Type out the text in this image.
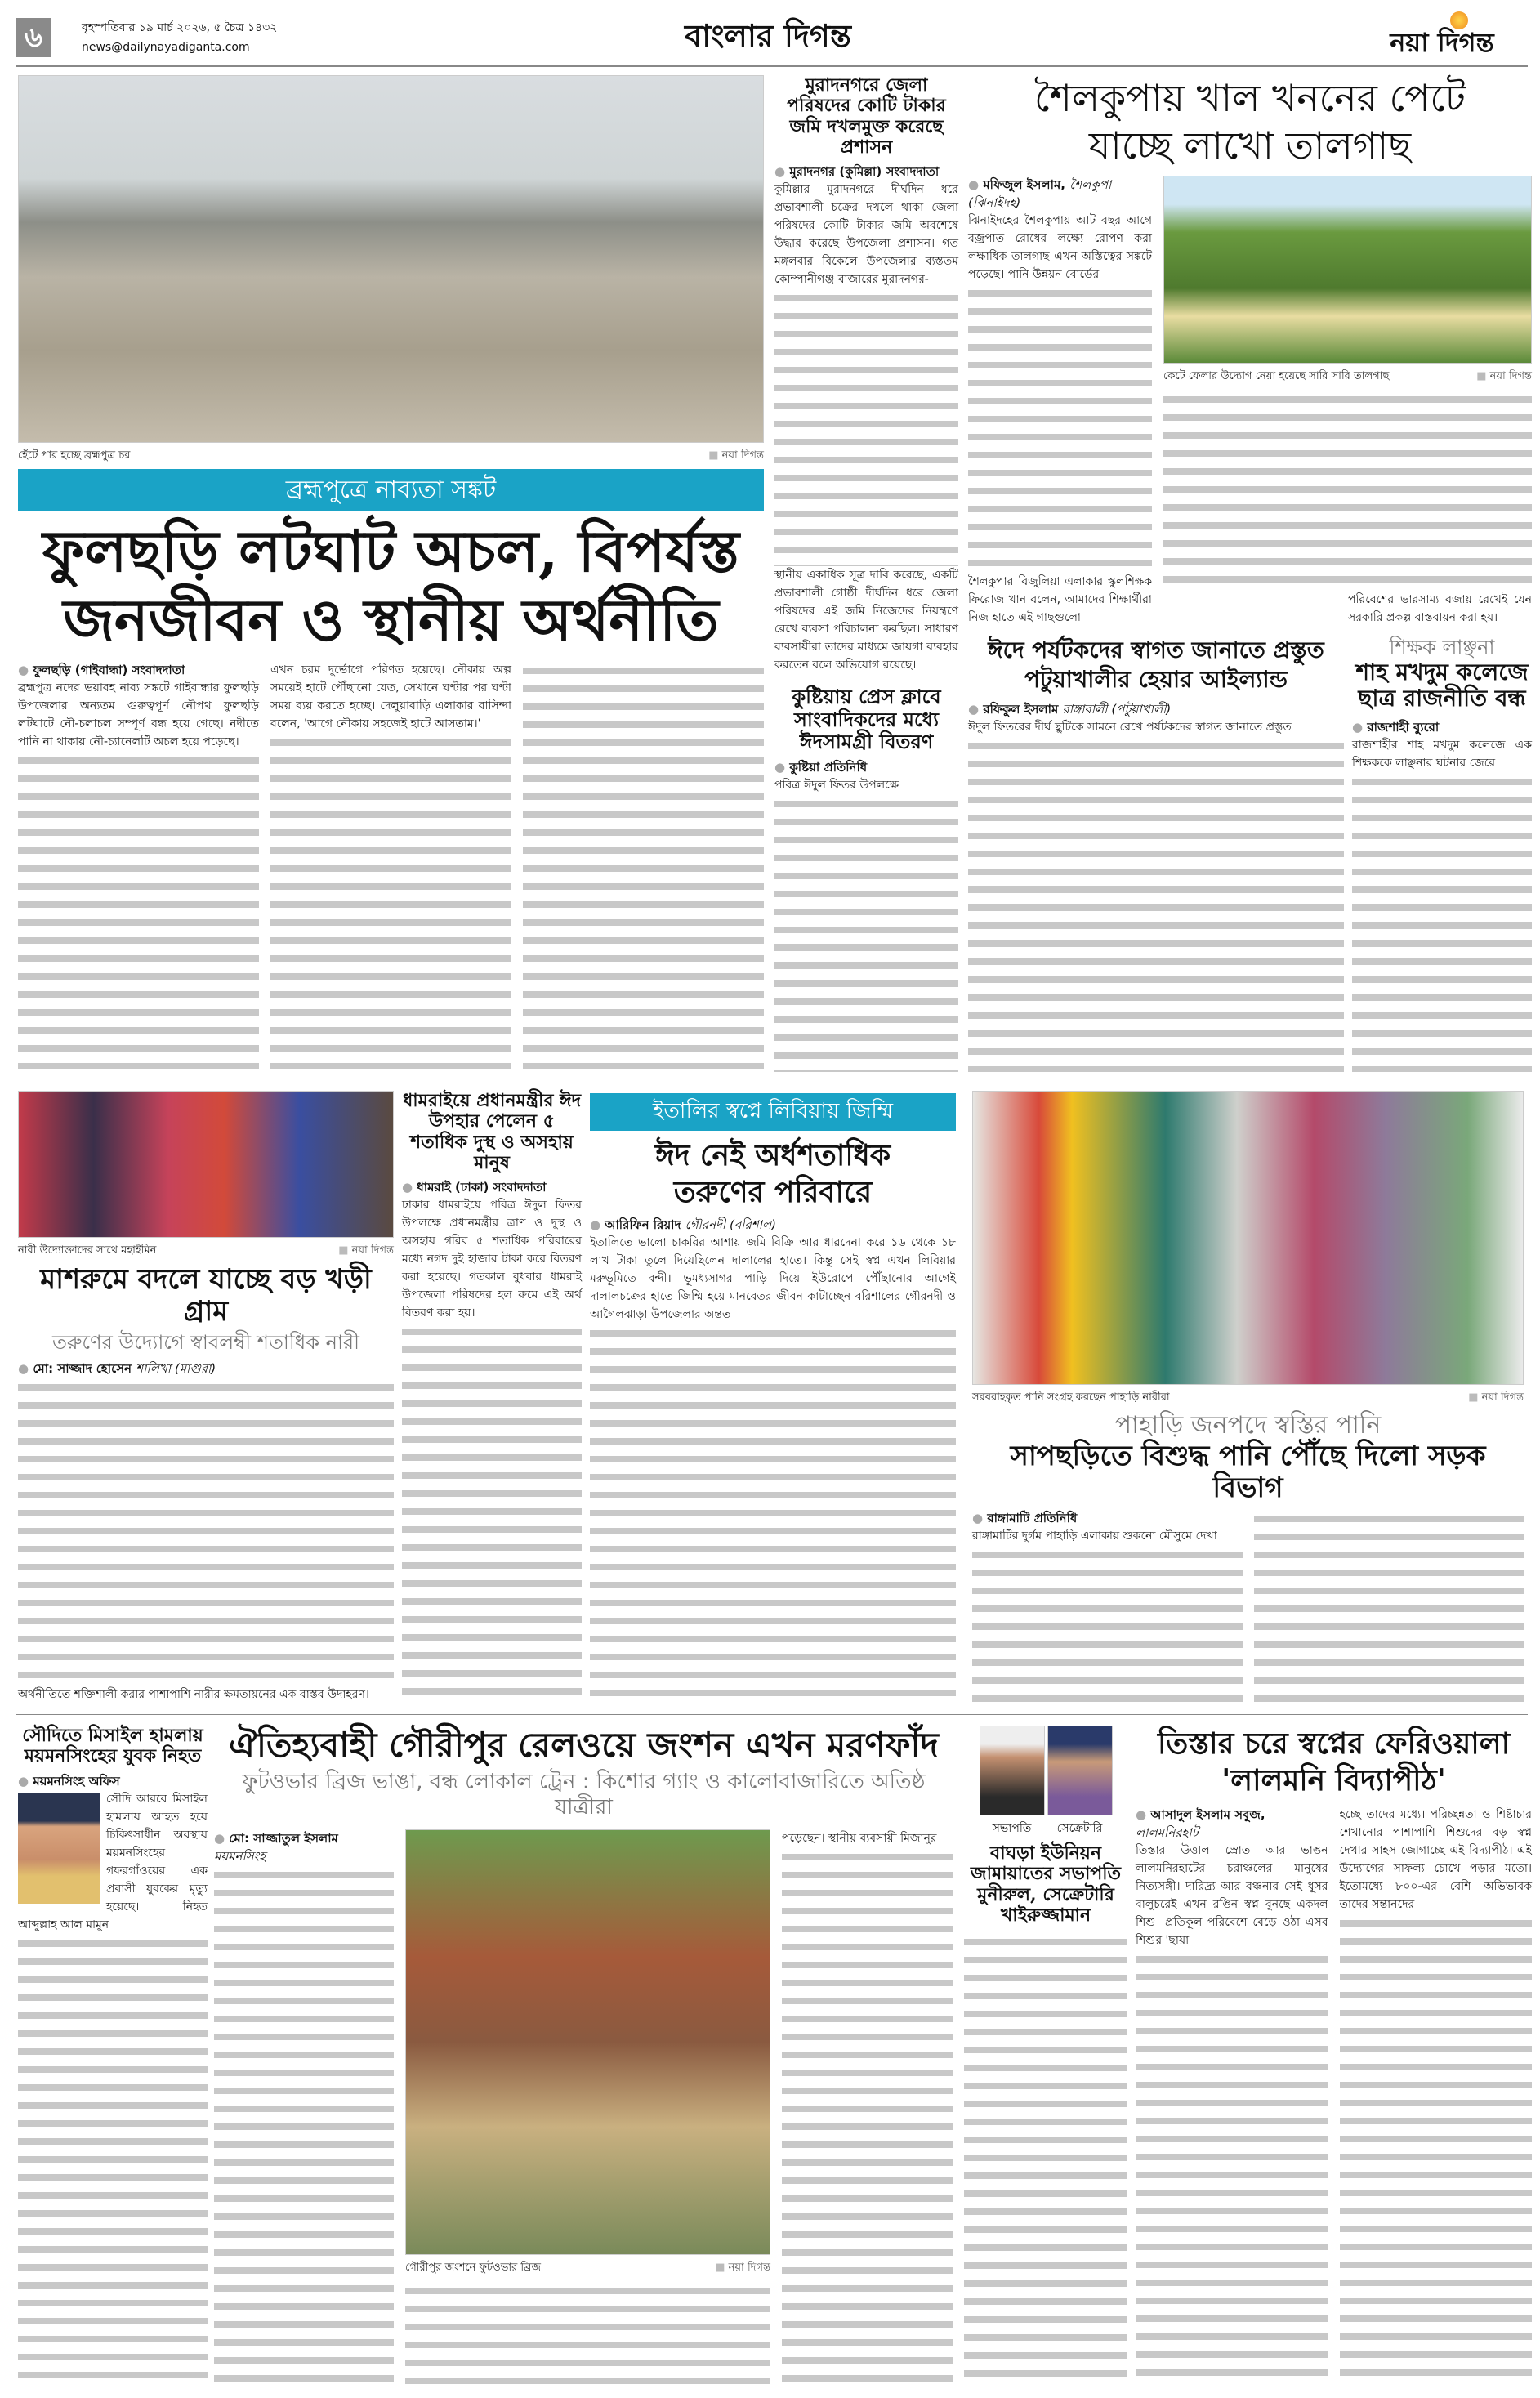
৬	বৃহস্পতিবার ১৯ মার্চ ২০২৬, ৫ চৈত্র ১৪৩২
news@dailynayadiganta.com	বাংলার দিগন্ত	নয়া দিগন্ত
হেঁটে পার হচ্ছে ব্রহ্মপুত্র চর	■ নয়া দিগন্ত
ব্রহ্মপুত্রে নাব্যতা সঙ্কট
ফুলছড়ি লটঘাট অচল, বিপর্যস্ত
জনজীবন ও স্থানীয় অর্থনীতি
● ফুলছড়ি (গাইবান্ধা) সংবাদদাতা
ব্রহ্মপুত্র নদের ভয়াবহ নাব্য সঙ্কটে গাইবান্ধার ফুলছড়ি উপজেলার অন্যতম গুরুত্বপূর্ণ নৌপথ ফুলছড়ি লটঘাটে নৌ-চলাচল সম্পূর্ণ বন্ধ হয়ে গেছে। নদীতে পানি না থাকায় নৌ-চ্যানেলটি অচল হয়ে পড়েছে।
এখন চরম দুর্ভোগে পরিণত হয়েছে। নৌকায় অল্প সময়েই হাটে পৌঁছানো যেত, সেখানে ঘণ্টার পর ঘণ্টা সময় ব্যয় করতে হচ্ছে। দেলুয়াবাড়ি এলাকার বাসিন্দা বলেন, 'আগে নৌকায় সহজেই হাটে আসতাম।'
মুরাদনগরে জেলা পরিষদের কোটি টাকার জমি দখলমুক্ত করেছে প্রশাসন
● মুরাদনগর (কুমিল্লা) সংবাদদাতা
কুমিল্লার মুরাদনগরে দীর্ঘদিন ধরে প্রভাবশালী চক্রের দখলে থাকা জেলা পরিষদের কোটি টাকার জমি অবশেষে উদ্ধার করেছে উপজেলা প্রশাসন। গত মঙ্গলবার বিকেলে উপজেলার ব্যস্ততম কোম্পানীগঞ্জ বাজারের মুরাদনগর-
স্থানীয় একাধিক সূত্র দাবি করেছে, একটি প্রভাবশালী গোষ্ঠী দীর্ঘদিন ধরে জেলা পরিষদের এই জমি নিজেদের নিয়ন্ত্রণে রেখে ব্যবসা পরিচালনা করছিল। সাধারণ ব্যবসায়ীরা তাদের মাধ্যমে জায়গা ব্যবহার করতেন বলে অভিযোগ রয়েছে।
কুষ্টিয়ায় প্রেস ক্লাবে সাংবাদিকদের মধ্যে ঈদসামগ্রী বিতরণ
● কুষ্টিয়া প্রতিনিধি
পবিত্র ঈদুল ফিতর উপলক্ষে
শৈলকুপায় খাল খননের পেটে
যাচ্ছে লাখো তালগাছ
● মফিজুল ইসলাম, শৈলকুপা (ঝিনাইদহ)
ঝিনাইদহের শৈলকুপায় আট বছর আগে বজ্রপাত রোধের লক্ষ্যে রোপণ করা লক্ষাধিক তালগাছ এখন অস্তিত্বের সঙ্কটে পড়েছে। পানি উন্নয়ন বোর্ডের
শৈলকুপার বিজুলিয়া এলাকার স্কুলশিক্ষক ফিরোজ খান বলেন, আমাদের শিক্ষার্থীরা নিজ হাতে এই গাছগুলো
কেটে ফেলার উদ্যোগ নেয়া হয়েছে সারি সারি তালগাছ	■ নয়া দিগন্ত
পরিবেশের ভারসাম্য বজায় রেখেই যেন সরকারি প্রকল্প বাস্তবায়ন করা হয়।
ঈদে পর্যটকদের স্বাগত জানাতে প্রস্তুত
পটুয়াখালীর হেয়ার আইল্যান্ড
● রফিকুল ইসলাম রাঙ্গাবালী (পটুয়াখালী)
ঈদুল ফিতরের দীর্ঘ ছুটিকে সামনে রেখে পর্যটকদের স্বাগত জানাতে প্রস্তুত
শিক্ষক লাঞ্ছনা
শাহ মখদুম কলেজে ছাত্র রাজনীতি বন্ধ
● রাজশাহী ব্যুরো
রাজশাহীর শাহ মখদুম কলেজে এক শিক্ষককে লাঞ্ছনার ঘটনার জেরে
নারী উদ্যোক্তাদের সাথে মহাইমিন	■ নয়া দিগন্ত
মাশরুমে বদলে যাচ্ছে বড় খড়ী গ্রাম
তরুণের উদ্যোগে স্বাবলম্বী শতাধিক নারী
● মো: সাজ্জাদ হোসেন শালিখা (মাগুরা)
অর্থনীতিতে শক্তিশালী করার পাশাপাশি নারীর ক্ষমতায়নের এক বাস্তব উদাহরণ।
ধামরাইয়ে প্রধানমন্ত্রীর ঈদ উপহার পেলেন ৫ শতাধিক দুস্থ ও অসহায় মানুষ
● ধামরাই (ঢাকা) সংবাদদাতা
ঢাকার ধামরাইয়ে পবিত্র ঈদুল ফিতর উপলক্ষে প্রধানমন্ত্রীর ত্রাণ ও দুস্থ ও অসহায় গরিব ৫ শতাধিক পরিবারের মধ্যে নগদ দুই হাজার টাকা করে বিতরণ করা হয়েছে। গতকাল বুধবার ধামরাই উপজেলা পরিষদের হল রুমে এই অর্থ বিতরণ করা হয়।
ইতালির স্বপ্নে লিবিয়ায় জিম্মি
ঈদ নেই অর্ধশতাধিক
তরুণের পরিবারে
● আরিফিন রিয়াদ গৌরনদী (বরিশাল)
ইতালিতে ভালো চাকরির আশায় জমি বিক্রি আর ধারদেনা করে ১৬ থেকে ১৮ লাখ টাকা তুলে দিয়েছিলেন দালালের হাতে। কিন্তু সেই স্বপ্ন এখন লিবিয়ার মরুভূমিতে বন্দী। ভূমধ্যসাগর পাড়ি দিয়ে ইউরোপে পৌঁছানোর আগেই দালালচক্রের হাতে জিম্মি হয়ে মানবেতর জীবন কাটাচ্ছেন বরিশালের গৌরনদী ও আগৈলঝাড়া উপজেলার অন্তত
সরবরাহকৃত পানি সংগ্রহ করছেন পাহাড়ি নারীরা	■ নয়া দিগন্ত
পাহাড়ি জনপদে স্বস্তির পানি
সাপছড়িতে বিশুদ্ধ পানি পৌঁছে দিলো সড়ক বিভাগ
● রাঙ্গামাটি প্রতিনিধি
রাঙ্গামাটির দুর্গম পাহাড়ি এলাকায় শুকনো মৌসুমে দেখা
সৌদিতে মিসাইল হামলায় ময়মনসিংহের যুবক নিহত
● ময়মনসিংহ অফিস
সৌদি আরবে মিসাইল হামলায় আহত হয়ে চিকিৎসাধীন অবস্থায় ময়মনসিংহের গফরগাঁওয়ের এক প্রবাসী যুবকের মৃত্যু হয়েছে। নিহত আব্দুল্লাহ আল মামুন
ঐতিহ্যবাহী গৌরীপুর রেলওয়ে জংশন এখন মরণফাঁদ
ফুটওভার ব্রিজ ভাঙা, বন্ধ লোকাল ট্রেন : কিশোর গ্যাং ও কালোবাজারিতে অতিষ্ঠ যাত্রীরা
● মো: সাজ্জাতুল ইসলাম ময়মনসিংহ
গৌরীপুর জংশনে ফুটওভার ব্রিজ	■ নয়া দিগন্ত
পড়েছেন। স্থানীয় ব্যবসায়ী মিজানুর
সভাপতি	সেক্রেটারি
বাঘড়া ইউনিয়ন জামায়াতের সভাপতি মুনীরুল, সেক্রেটারি খাইরুজ্জামান
তিস্তার চরে স্বপ্নের ফেরিওয়ালা
'লালমনি বিদ্যাপীঠ'
● আসাদুল ইসলাম সবুজ, লালমনিরহাট
তিস্তার উত্তাল স্রোত আর ভাঙন লালমনিরহাটের চরাঞ্চলের মানুষের নিত্যসঙ্গী। দারিদ্র্য আর বঞ্চনার সেই ধূসর বালুচরেই এখন রঙিন স্বপ্ন বুনছে একদল শিশু। প্রতিকূল পরিবেশে বেড়ে ওঠা এসব শিশুর 'ছায়া
হচ্ছে তাদের মধ্যে। পরিচ্ছন্নতা ও শিষ্টাচার শেখানোর পাশাপাশি শিশুদের বড় স্বপ্ন দেখার সাহস জোগাচ্ছে এই বিদ্যাপীঠ। এই উদ্যোগের সাফল্য চোখে পড়ার মতো। ইতোমধ্যে ৮০০-এর বেশি অভিভাবক তাদের সন্তানদের
